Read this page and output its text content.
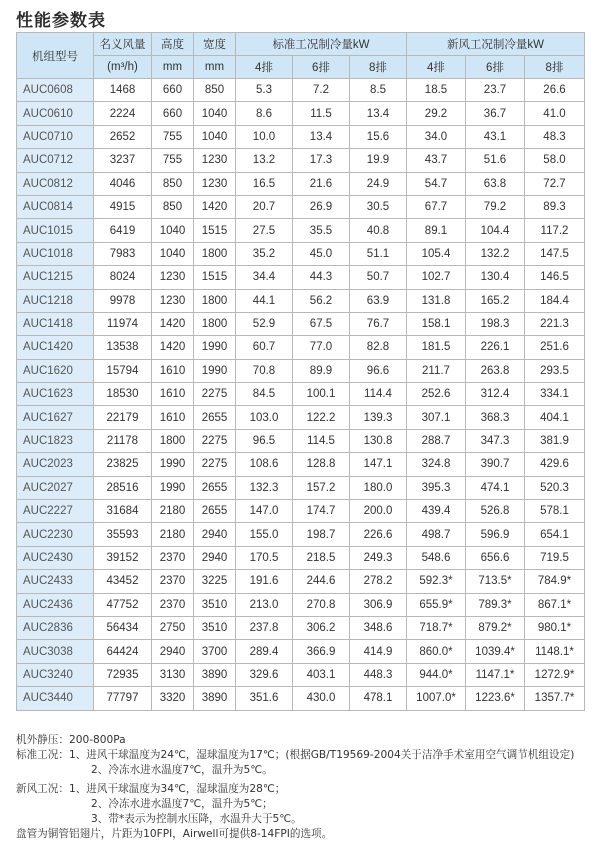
性能参数表
机组型号	名义风量	高度	宽度	标准工况制冷量kW			新风工况制冷量kW		
	(m³/h)	mm	mm	4排	6排	8排	4排	6排	8排
AUC0608	1468	660	850	5.3	7.2	8.5	18.5	23.7	26.6
AUC0610	2224	660	1040	8.6	11.5	13.4	29.2	36.7	41.0
AUC0710	2652	755	1040	10.0	13.4	15.6	34.0	43.1	48.3
AUC0712	3237	755	1230	13.2	17.3	19.9	43.7	51.6	58.0
AUC0812	4046	850	1230	16.5	21.6	24.9	54.7	63.8	72.7
AUC0814	4915	850	1420	20.7	26.9	30.5	67.7	79.2	89.3
AUC1015	6419	1040	1515	27.5	35.5	40.8	89.1	104.4	117.2
AUC1018	7983	1040	1800	35.2	45.0	51.1	105.4	132.2	147.5
AUC1215	8024	1230	1515	34.4	44.3	50.7	102.7	130.4	146.5
AUC1218	9978	1230	1800	44.1	56.2	63.9	131.8	165.2	184.4
AUC1418	11974	1420	1800	52.9	67.5	76.7	158.1	198.3	221.3
AUC1420	13538	1420	1990	60.7	77.0	82.8	181.5	226.1	251.6
AUC1620	15794	1610	1990	70.8	89.9	96.6	211.7	263.8	293.5
AUC1623	18530	1610	2275	84.5	100.1	114.4	252.6	312.4	334.1
AUC1627	22179	1610	2655	103.0	122.2	139.3	307.1	368.3	404.1
AUC1823	21178	1800	2275	96.5	114.5	130.8	288.7	347.3	381.9
AUC2023	23825	1990	2275	108.6	128.8	147.1	324.8	390.7	429.6
AUC2027	28516	1990	2655	132.3	157.2	180.0	395.3	474.1	520.3
AUC2227	31684	2180	2655	147.0	174.7	200.0	439.4	526.8	578.1
AUC2230	35593	2180	2940	155.0	198.7	226.6	498.7	596.9	654.1
AUC2430	39152	2370	2940	170.5	218.5	249.3	548.6	656.6	719.5
AUC2433	43452	2370	3225	191.6	244.6	278.2	592.3*	713.5*	784.9*
AUC2436	47752	2370	3510	213.0	270.8	306.9	655.9*	789.3*	867.1*
AUC2836	56434	2750	3510	237.8	306.2	348.6	718.7*	879.2*	980.1*
AUC3038	64424	2940	3700	289.4	366.9	414.9	860.0*	1039.4*	1148.1*
AUC3240	72935	3130	3890	329.6	403.1	448.3	944.0*	1147.1*	1272.9*
AUC3440	77797	3320	3890	351.6	430.0	478.1	1007.0*	1223.6*	1357.7*
机外静压：200-800Pa
标准工况：1、进风干球温度为24℃，湿球温度为17℃；(根据GB/T19569-2004关于洁净手术室用空气调节机组设定)
2、冷冻水进水温度7℃，温升为5℃。
新风工况：1、进风干球温度为34℃，湿球温度为28℃；
2、冷冻水进水温度7℃，温升为5℃；
3、带*表示为控制水压降，水温升大于5℃。
盘管为铜管铝翅片，片距为10FPI，Airwell可提供8-14FPI的选项。
